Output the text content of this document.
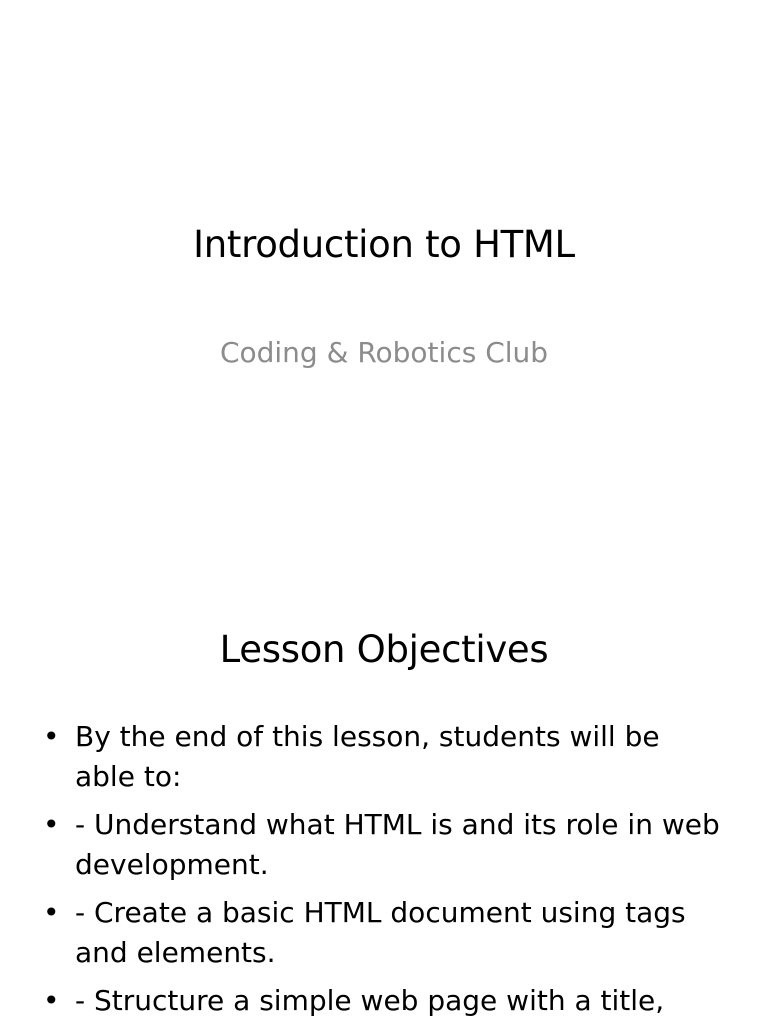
Introduction to HTML
Coding & Robotics Club
Lesson Objectives
• By the end of this lesson, students will be able to:
• - Understand what HTML is and its role in web development.
• - Create a basic HTML document using tags and elements.
• - Structure a simple web page with a title,
